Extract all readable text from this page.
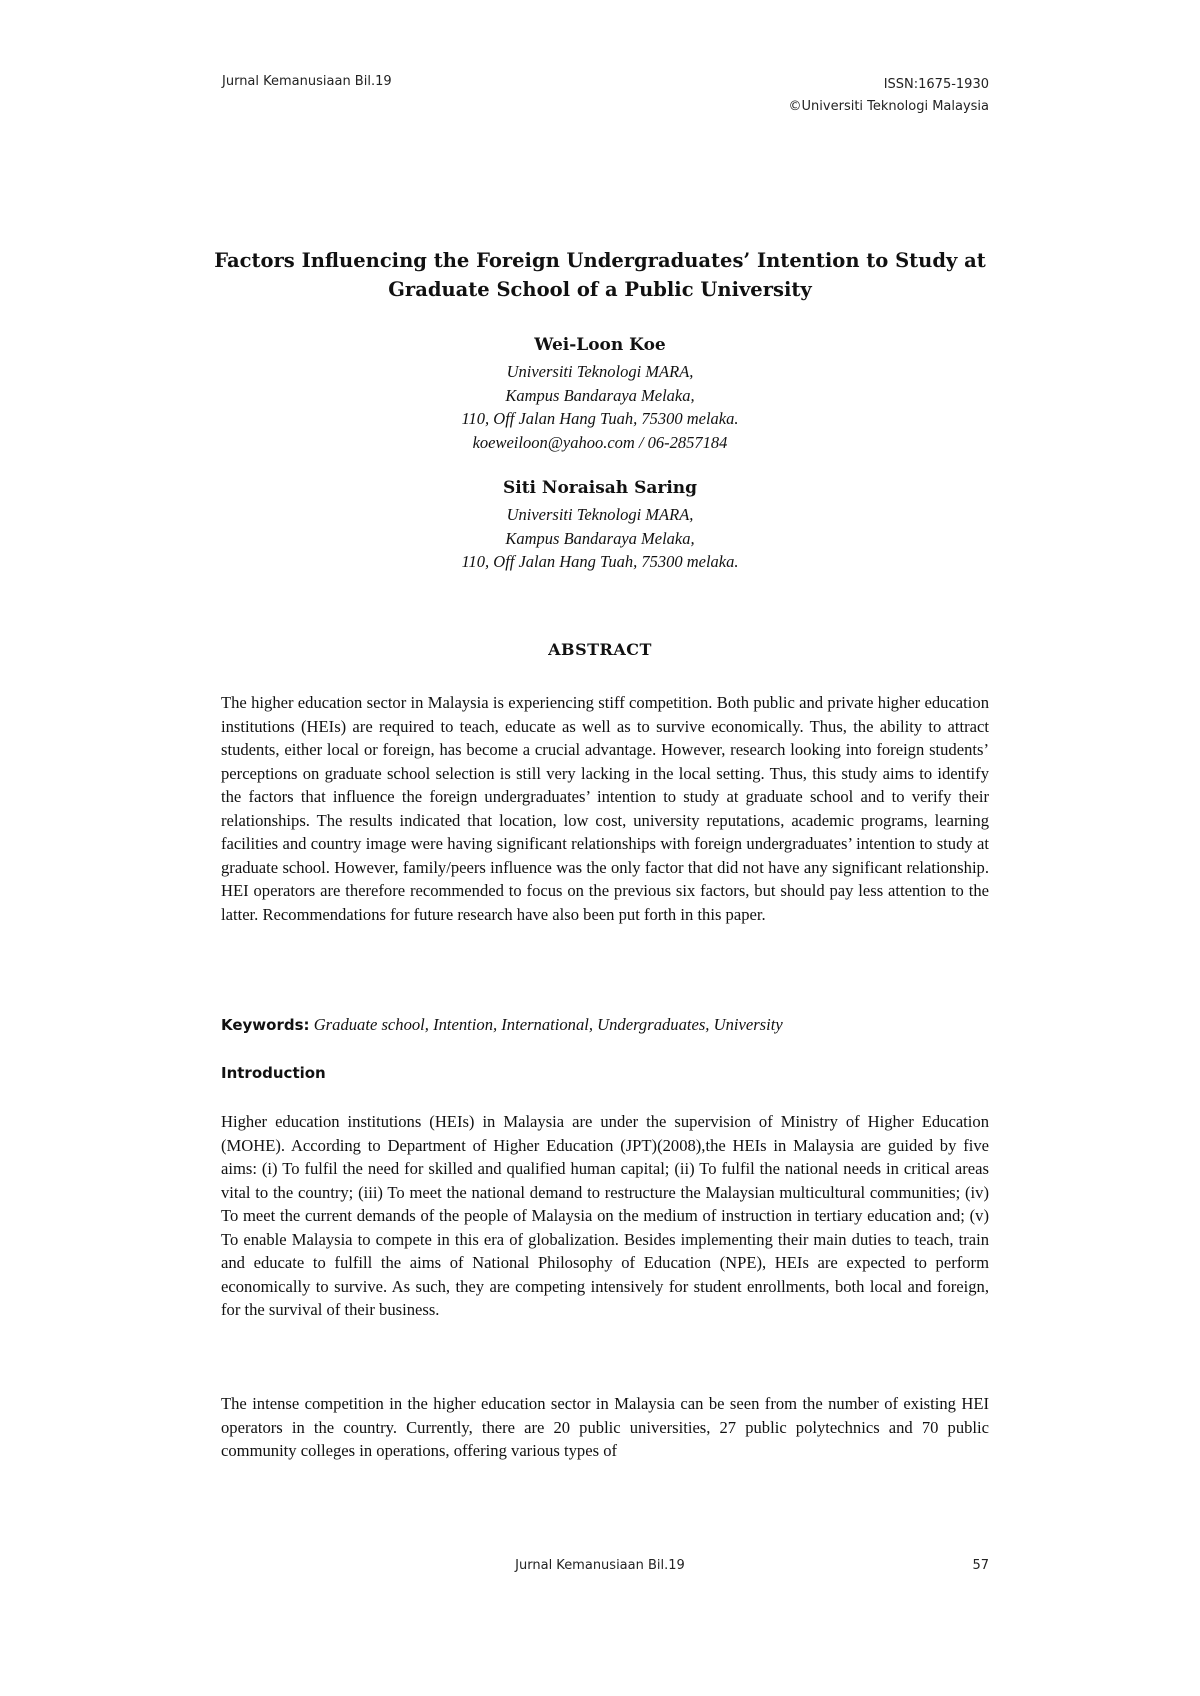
Jurnal Kemanusiaan Bil.19	ISSN:1675-1930
©Universiti Teknologi Malaysia
Factors Influencing the Foreign Undergraduates’ Intention to Study at
Graduate School of a Public University
Wei-Loon Koe
Universiti Teknologi MARA,
Kampus Bandaraya Melaka,
110, Off Jalan Hang Tuah, 75300 melaka.
koeweiloon@yahoo.com / 06-2857184
Siti Noraisah Saring
Universiti Teknologi MARA,
Kampus Bandaraya Melaka,
110, Off Jalan Hang Tuah, 75300 melaka.
ABSTRACT

The higher education sector in Malaysia is experiencing stiff competition. Both public and private higher education institutions (HEIs) are required to teach, educate as well as to survive economically. Thus, the ability to attract students, either local or foreign, has become a crucial advantage. However, research looking into foreign students’ perceptions on graduate school selection is still very lacking in the local setting. Thus, this study aims to identify the factors that influence the foreign undergraduates’ intention to study at graduate school and to verify their relationships. The results indicated that location, low cost, university reputations, academic programs, learning facilities and country image were having significant relationships with foreign undergraduates’ intention to study at graduate school. However, family/peers influence was the only factor that did not have any significant relationship. HEI operators are therefore recommended to focus on the previous six factors, but should pay less attention to the latter. Recommendations for future research have also been put forth in this paper.

Keywords: Graduate school, Intention, International, Undergraduates, University
Introduction

Higher education institutions (HEIs) in Malaysia are under the supervision of Ministry of Higher Education (MOHE). According to Department of Higher Education (JPT)(2008),the HEIs in Malaysia are guided by five aims: (i) To fulfil the need for skilled and qualified human capital; (ii) To fulfil the national needs in critical areas vital to the country; (iii) To meet the national demand to restructure the Malaysian multicultural communities; (iv) To meet the current demands of the people of Malaysia on the medium of instruction in tertiary education and; (v) To enable Malaysia to compete in this era of globalization. Besides implementing their main duties to teach, train and educate to fulfill the aims of National Philosophy of Education (NPE), HEIs are expected to perform economically to survive. As such, they are competing intensively for student enrollments, both local and foreign, for the survival of their business.

The intense competition in the higher education sector in Malaysia can be seen from the number of existing HEI operators in the country. Currently, there are 20 public universities, 27 public polytechnics and 70 public community colleges in operations, offering various types of

Jurnal Kemanusiaan Bil.19	57
